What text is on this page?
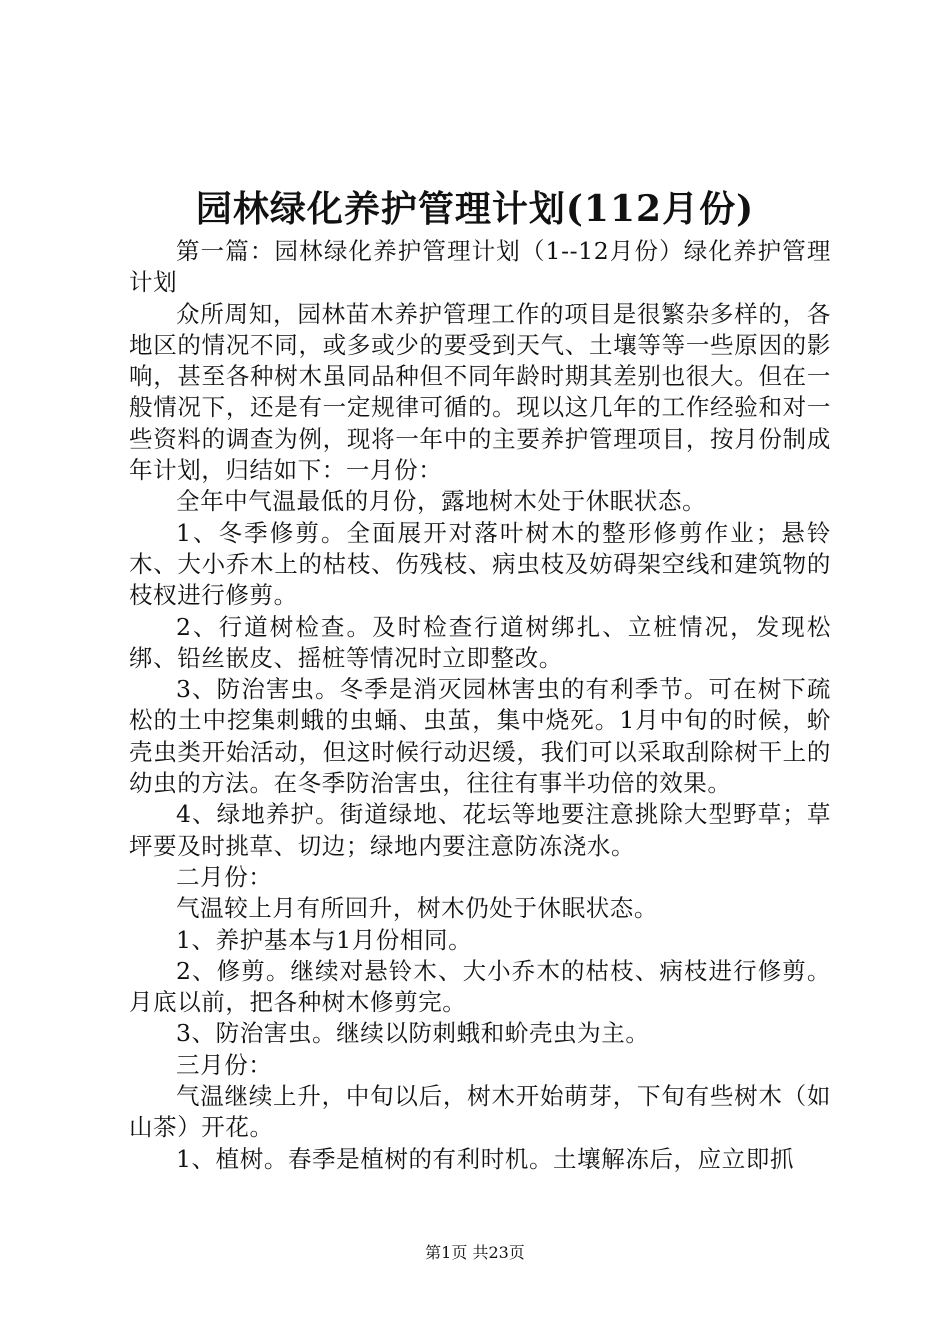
园林绿化养护管理计划(112月份)

第一篇：园林绿化养护管理计划（1--12月份）绿化养护管理计划

众所周知，园林苗木养护管理工作的项目是很繁杂多样的，各地区的情况不同，或多或少的要受到天气、土壤等等一些原因的影响，甚至各种树木虽同品种但不同年龄时期其差别也很大。但在一般情况下，还是有一定规律可循的。现以这几年的工作经验和对一些资料的调查为例，现将一年中的主要养护管理项目，按月份制成年计划，归结如下：一月份：

全年中气温最低的月份，露地树木处于休眠状态。

1、冬季修剪。全面展开对落叶树木的整形修剪作业；悬铃木、大小乔木上的枯枝、伤残枝、病虫枝及妨碍架空线和建筑物的枝杈进行修剪。

2、行道树检查。及时检查行道树绑扎、立桩情况，发现松绑、铅丝嵌皮、摇桩等情况时立即整改。

3、防治害虫。冬季是消灭园林害虫的有利季节。可在树下疏松的土中挖集刺蛾的虫蛹、虫茧，集中烧死。1月中旬的时候，蚧壳虫类开始活动，但这时候行动迟缓，我们可以采取刮除树干上的幼虫的方法。在冬季防治害虫，往往有事半功倍的效果。

4、绿地养护。街道绿地、花坛等地要注意挑除大型野草；草坪要及时挑草、切边；绿地内要注意防冻浇水。

二月份：

气温较上月有所回升，树木仍处于休眠状态。

1、养护基本与1月份相同。

2、修剪。继续对悬铃木、大小乔木的枯枝、病枝进行修剪。月底以前，把各种树木修剪完。

3、防治害虫。继续以防刺蛾和蚧壳虫为主。

三月份：

气温继续上升，中旬以后，树木开始萌芽，下旬有些树木（如山茶）开花。

1、植树。春季是植树的有利时机。土壤解冻后，应立即抓

第1页 共23页
